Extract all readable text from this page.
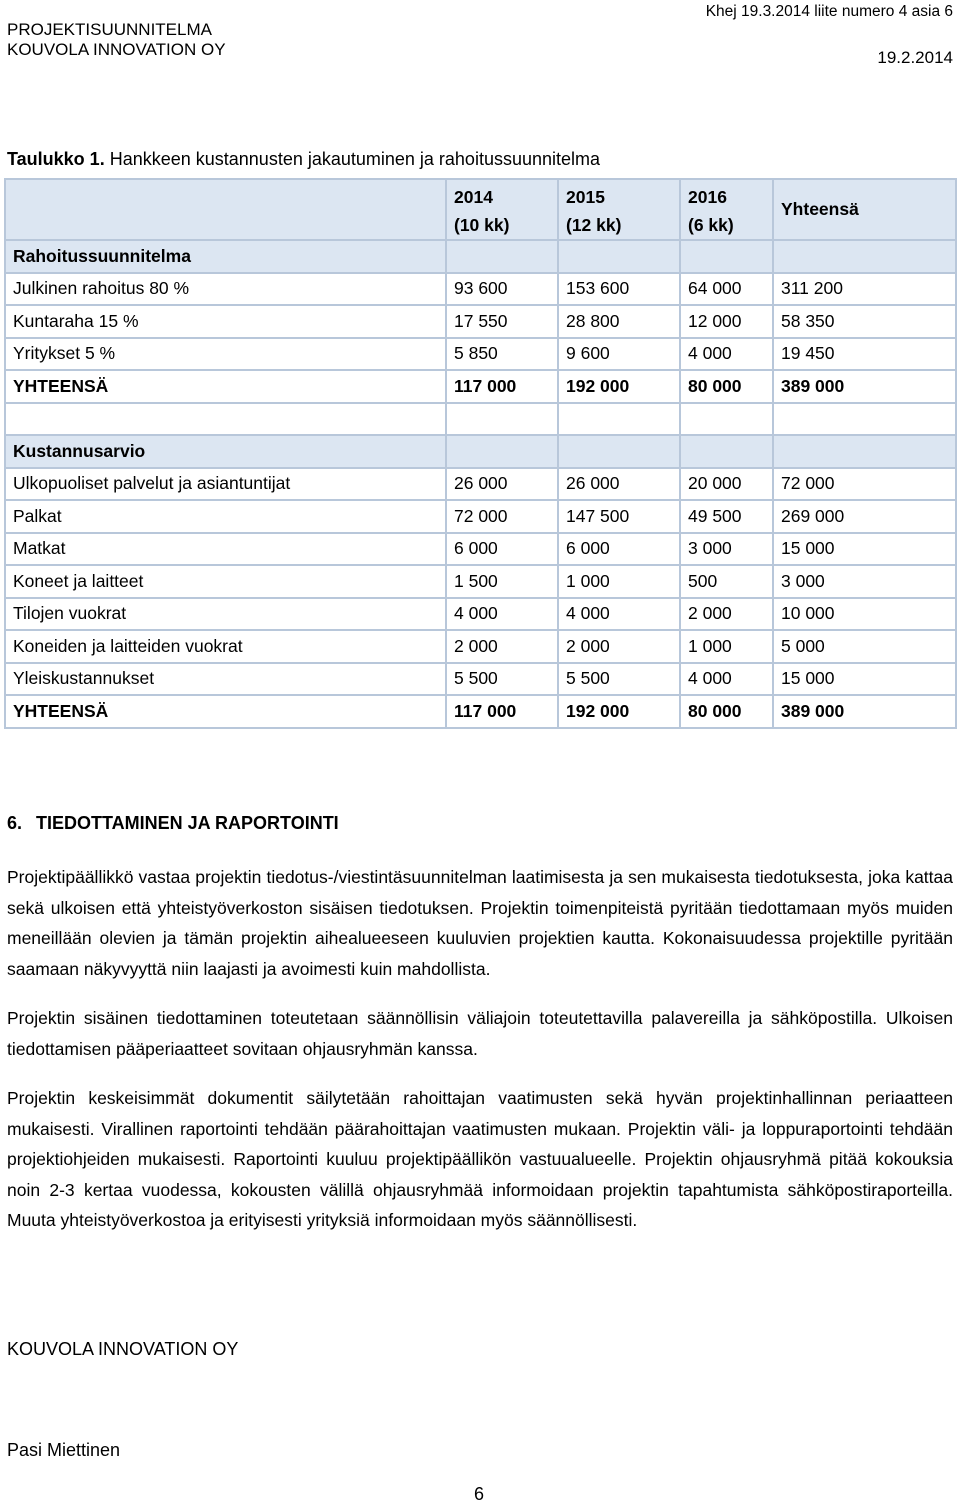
PROJEKTISUUNNITELMA
KOUVOLA INNOVATION OY
Khej 19.3.2014 liite numero 4 asia 6
19.2.2014
Taulukko 1. Hankkeen kustannusten jakautuminen ja rahoitussuunnitelma
	2014	2015	2016	Yhteensä
	(10 kk)	(12 kk)	(6 kk)	
Rahoitussuunnitelma				
Julkinen rahoitus 80 %	93 600	153 600	64 000	311 200
Kuntaraha 15 %	17 550	28 800	12 000	58 350
Yritykset 5 %	5 850	9 600	4 000	19 450
YHTEENSÄ	117 000	192 000	80 000	389 000

Kustannusarvio				
Ulkopuoliset palvelut ja asiantuntijat	26 000	26 000	20 000	72 000
Palkat	72 000	147 500	49 500	269 000
Matkat	6 000	6 000	3 000	15 000
Koneet ja laitteet	1 500	1 000	500	3 000
Tilojen vuokrat	4 000	4 000	2 000	10 000
Koneiden ja laitteiden vuokrat	2 000	2 000	1 000	5 000
Yleiskustannukset	5 500	5 500	4 000	15 000
YHTEENSÄ	117 000	192 000	80 000	389 000
6. TIEDOTTAMINEN JA RAPORTOINTI

Projektipäällikkö vastaa projektin tiedotus-/viestintäsuunnitelman laatimisesta ja sen mukaisesta tiedotuksesta, joka kattaa sekä ulkoisen että yhteistyöverkoston sisäisen tiedotuksen. Projektin toimenpiteistä pyritään tiedottamaan myös muiden meneillään olevien ja tämän projektin aihealueeseen kuuluvien projektien kautta. Kokonaisuudessa projektille pyritään saamaan näkyvyyttä niin laajasti ja avoimesti kuin mahdollista.

Projektin sisäinen tiedottaminen toteutetaan säännöllisin väliajoin toteutettavilla palavereilla ja sähköpostilla. Ulkoisen tiedottamisen pääperiaatteet sovitaan ohjausryhmän kanssa.

Projektin keskeisimmät dokumentit säilytetään rahoittajan vaatimusten sekä hyvän projektinhallinnan periaatteen mukaisesti. Virallinen raportointi tehdään päärahoittajan vaatimusten mukaan. Projektin väli- ja loppuraportointi tehdään projektiohjeiden mukaisesti. Raportointi kuuluu projektipäällikön vastuualueelle. Projektin ohjausryhmä pitää kokouksia noin 2-3 kertaa vuodessa, kokousten välillä ohjausryhmää informoidaan projektin tapahtumista sähköpostiraporteilla. Muuta yhteistyöverkostoa ja erityisesti yrityksiä informoidaan myös säännöllisesti.

KOUVOLA INNOVATION OY
Pasi Miettinen
6
